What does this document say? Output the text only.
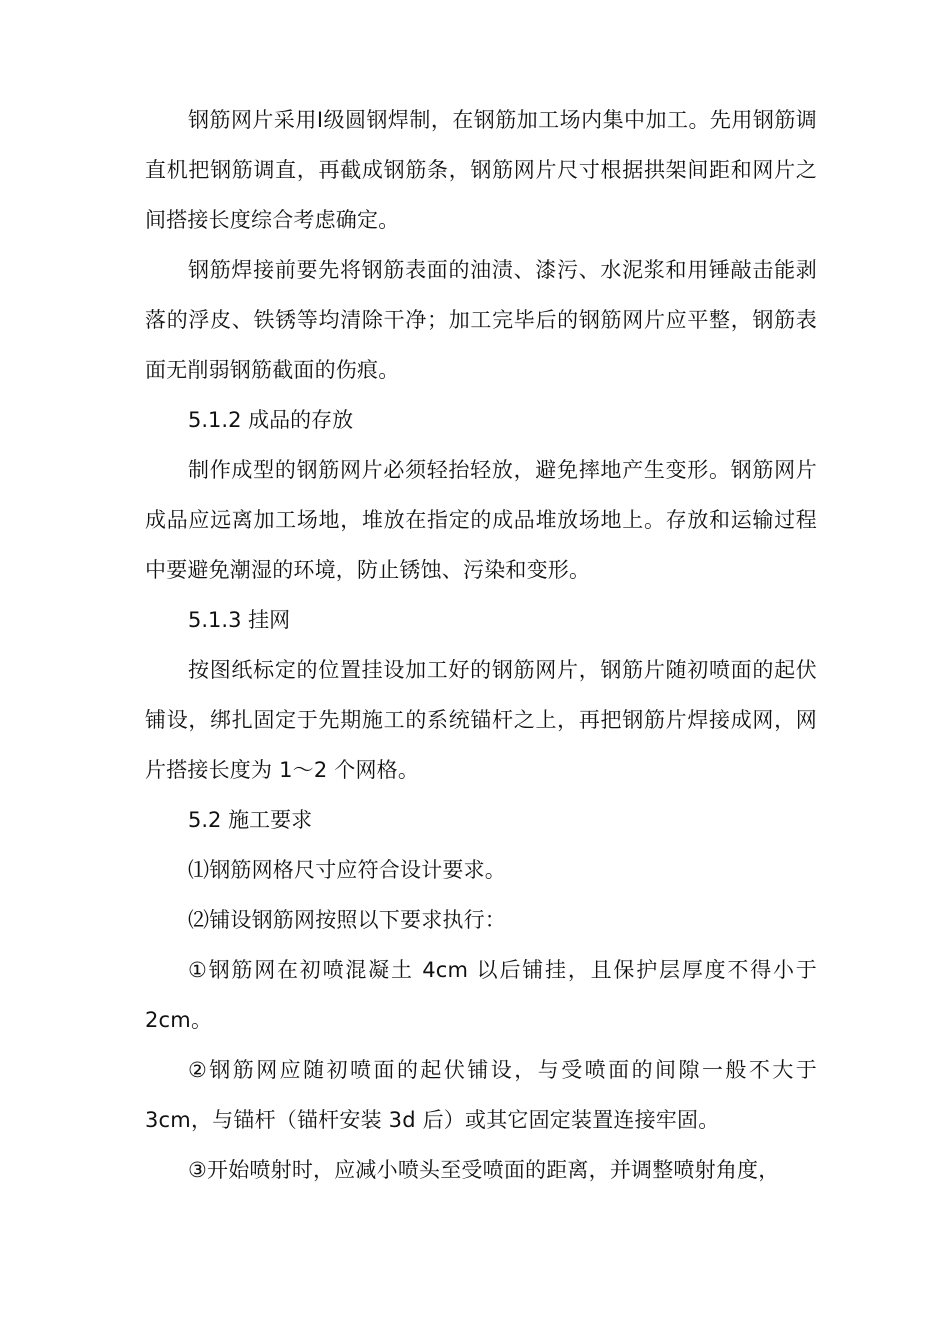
钢筋网片采用Ⅰ级圆钢焊制，在钢筋加工场内集中加工。先用钢筋调直机把钢筋调直，再截成钢筋条，钢筋网片尺寸根据拱架间距和网片之间搭接长度综合考虑确定。

钢筋焊接前要先将钢筋表面的油渍、漆污、水泥浆和用锤敲击能剥落的浮皮、铁锈等均清除干净；加工完毕后的钢筋网片应平整，钢筋表面无削弱钢筋截面的伤痕。

5.1.2 成品的存放

制作成型的钢筋网片必须轻抬轻放，避免摔地产生变形。钢筋网片成品应远离加工场地，堆放在指定的成品堆放场地上。存放和运输过程中要避免潮湿的环境，防止锈蚀、污染和变形。

5.1.3 挂网

按图纸标定的位置挂设加工好的钢筋网片，钢筋片随初喷面的起伏铺设，绑扎固定于先期施工的系统锚杆之上，再把钢筋片焊接成网，网片搭接长度为 1～2 个网格。

5.2 施工要求

⑴钢筋网格尺寸应符合设计要求。

⑵铺设钢筋网按照以下要求执行：

①钢筋网在初喷混凝土 4cm 以后铺挂，且保护层厚度不得小于 2cm。

②钢筋网应随初喷面的起伏铺设，与受喷面的间隙一般不大于 3cm，与锚杆（锚杆安装 3d 后）或其它固定装置连接牢固。

③开始喷射时，应减小喷头至受喷面的距离，并调整喷射角度，
